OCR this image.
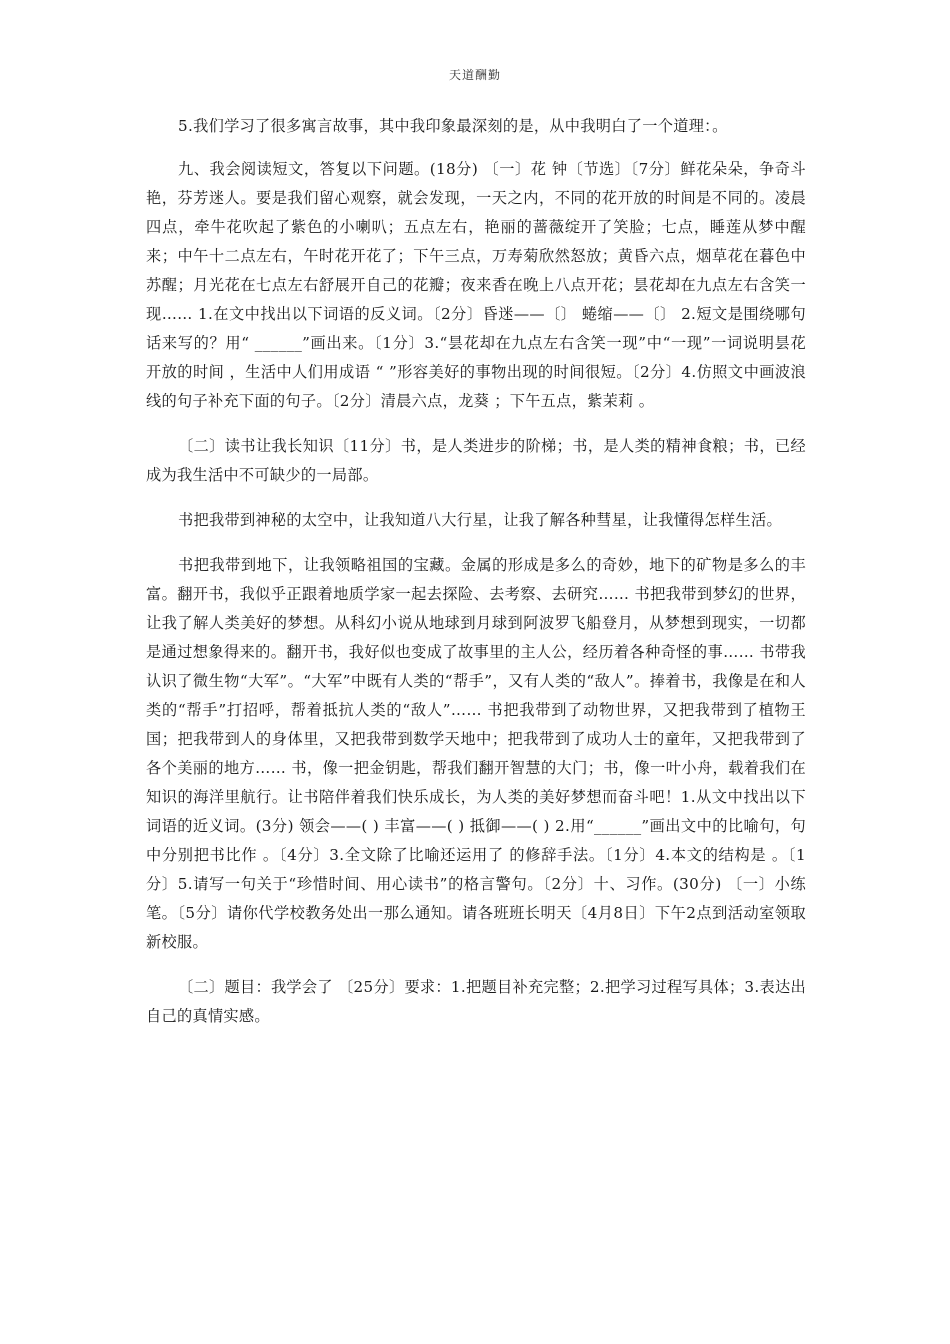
天道酬勤

5.我们学习了很多寓言故事，其中我印象最深刻的是，从中我明白了一个道理：。

九、我会阅读短文，答复以下问题。(18分) 〔一〕花 钟〔节选〕〔7分〕鲜花朵朵，争奇斗艳，芬芳迷人。要是我们留心观察，就会发现，一天之内，不同的花开放的时间是不同的。凌晨四点，牵牛花吹起了紫色的小喇叭；五点左右，艳丽的蔷薇绽开了笑脸；七点，睡莲从梦中醒来；中午十二点左右，午时花开花了；下午三点，万寿菊欣然怒放；黄昏六点，烟草花在暮色中苏醒；月光花在七点左右舒展开自己的花瓣；夜来香在晚上八点开花；昙花却在九点左右含笑一现…… 1.在文中找出以下词语的反义词。〔2分〕昏迷——〔〕 蜷缩——〔〕 2.短文是围绕哪句话来写的？用“ ______”画出来。〔1分〕3.“昙花却在九点左右含笑一现”中“一现”一词说明昙花开放的时间 ，生活中人们用成语 “ ”形容美好的事物出现的时间很短。〔2分〕4.仿照文中画波浪线的句子补充下面的句子。〔2分〕清晨六点，龙葵 ；下午五点，紫茉莉 。

〔二〕读书让我长知识〔11分〕书，是人类进步的阶梯；书，是人类的精神食粮；书，已经成为我生活中不可缺少的一局部。

书把我带到神秘的太空中，让我知道八大行星，让我了解各种彗星，让我懂得怎样生活。

书把我带到地下，让我领略祖国的宝藏。金属的形成是多么的奇妙，地下的矿物是多么的丰富。翻开书，我似乎正跟着地质学家一起去探险、去考察、去研究…… 书把我带到梦幻的世界，让我了解人类美好的梦想。从科幻小说从地球到月球到阿波罗飞船登月，从梦想到现实，一切都是通过想象得来的。翻开书，我好似也变成了故事里的主人公，经历着各种奇怪的事…… 书带我认识了微生物“大军”。“大军”中既有人类的“帮手”，又有人类的“敌人”。捧着书，我像是在和人类的“帮手”打招呼，帮着抵抗人类的“敌人”…… 书把我带到了动物世界，又把我带到了植物王国；把我带到人的身体里，又把我带到数学天地中；把我带到了成功人士的童年，又把我带到了各个美丽的地方…… 书，像一把金钥匙，帮我们翻开智慧的大门；书，像一叶小舟，载着我们在知识的海洋里航行。让书陪伴着我们快乐成长，为人类的美好梦想而奋斗吧！1.从文中找出以下词语的近义词。(3分) 领会——( ) 丰富——( ) 抵御——( ) 2.用“______”画出文中的比喻句，句中分别把书比作 。〔4分〕3.全文除了比喻还运用了 的修辞手法。〔1分〕4.本文的结构是 。〔1分〕5.请写一句关于“珍惜时间、用心读书”的格言警句。〔2分〕十、习作。(30分) 〔一〕小练笔。〔5分〕请你代学校教务处出一那么通知。请各班班长明天〔4月8日〕下午2点到活动室领取新校服。

〔二〕题目：我学会了 〔25分〕要求：1.把题目补充完整；2.把学习过程写具体；3.表达出自己的真情实感。
